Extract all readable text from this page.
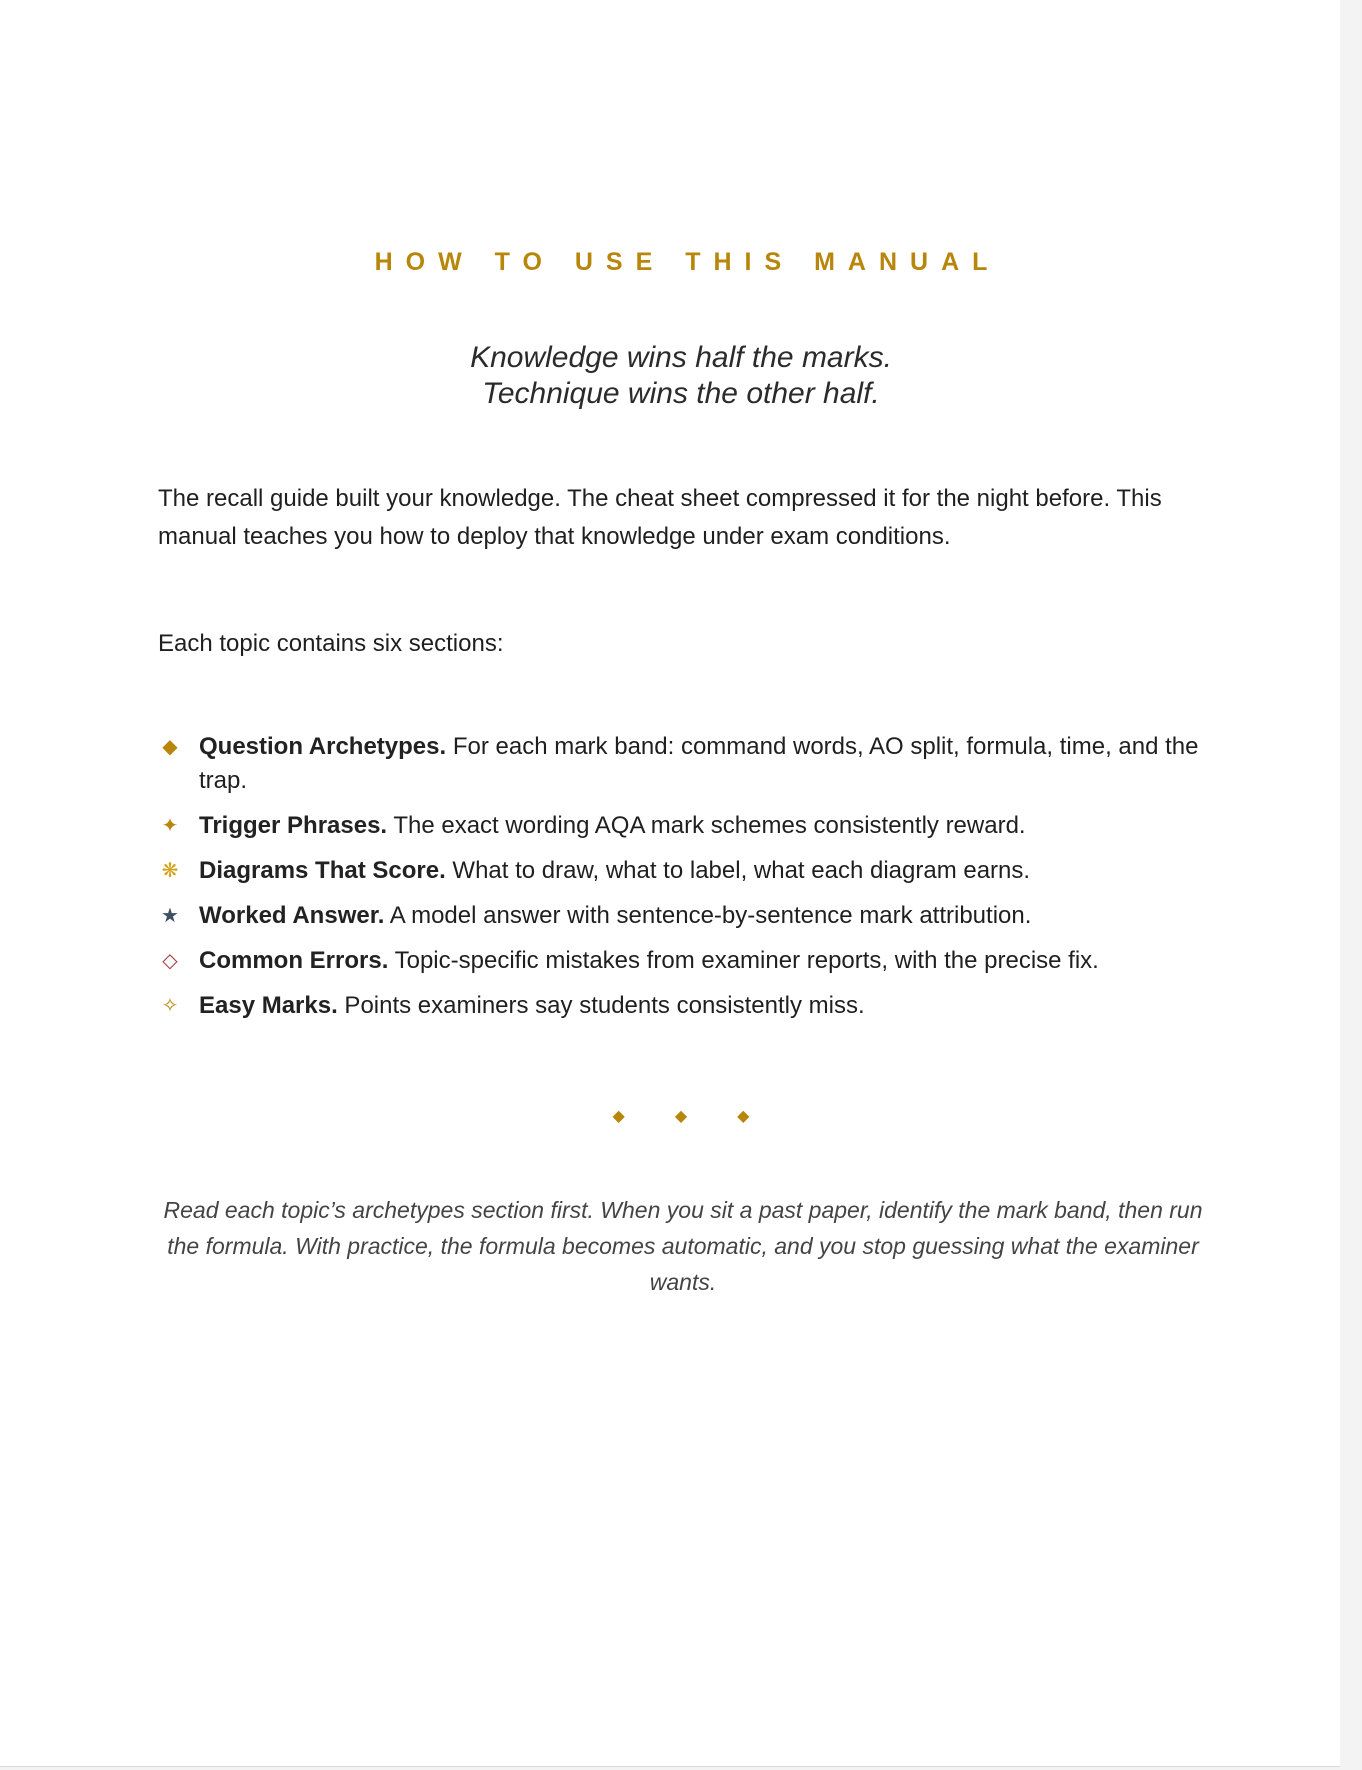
HOW TO USE THIS MANUAL
Knowledge wins half the marks.
Technique wins the other half.

The recall guide built your knowledge. The cheat sheet compressed it for the night before. This manual teaches you how to deploy that knowledge under exam conditions.

Each topic contains six sections:

◆ Question Archetypes. For each mark band: command words, AO split, formula, time, and the trap.
✦ Trigger Phrases. The exact wording AQA mark schemes consistently reward.
❋ Diagrams That Score. What to draw, what to label, what each diagram earns.
★ Worked Answer. A model answer with sentence-by-sentence mark attribution.
◇ Common Errors. Topic-specific mistakes from examiner reports, with the precise fix.
✧ Easy Marks. Points examiners say students consistently miss.
◆◆◆

Read each topic’s archetypes section first. When you sit a past paper, identify the mark band, then run the formula. With practice, the formula becomes automatic, and you stop guessing what the examiner wants.
